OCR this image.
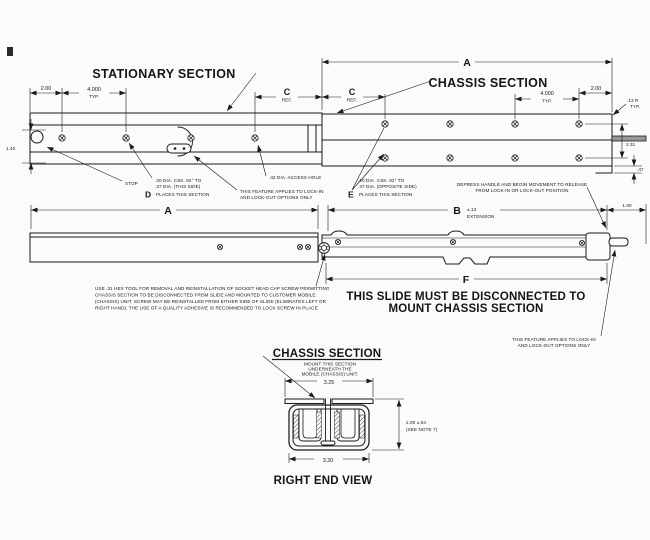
STATIONARY SECTION
CHASSIS SECTION
A
2.00	4.000
TYP.	C
REF.
C
REF.
4.000
TYP.
2.00
.13 R
TYP.
1.40
2.31
.47
STOP
.20 DIA. CSK. 82° TO
.37 DIA. (THIS SIDE)
D PLACES THIS SECTION
.42 DIA. ACCESS HOLE
THIS FEATURE APPLIES TO LOCK-IN
AND LOCK-OUT OPTIONS ONLY
.20 DIA. CSK. 82° TO
.37 DIA. (OPPOSITE SIDE)
E PLACES THIS SECTION
DEPRESS HANDLE AND BEGIN MOVEMENT TO RELEASE
FROM LOCK-IN OR LOCK-OUT POSITION
A	B ±.13
EXTENSION
1.00
F
USE .31 HEX TOOL FOR REMOVAL AND REINSTALLATION OF SOCKET HEAD CAP SCREW PERMITTING
CHASSIS SECTION TO BE DISCONNECTED FROM SLIDE AND MOUNTED TO CUSTOMER MOBILE
(CHASSIS) UNIT. SCREW MAY BE REINSTALLED FROM EITHER SIDE OF SLIDE (ELIMINATES LEFT OR
RIGHT HAND). THE USE OF A QUALITY ADHESIVE IS RECOMMENDED TO LOCK SCREW IN PLACE.
THIS SLIDE MUST BE DISCONNECTED TO
MOUNT CHASSIS SECTION
THIS FEATURE APPLIES TO LOCK-IN
AND LOCK-OUT OPTIONS ONLY
CHASSIS SECTION
MOUNT THIS SECTION
UNDERNEATH THE
MOBILE (CHASSIS) UNIT.
3.25
3.20
2.00 ±.04
(SEE NOTE 7)
RIGHT END VIEW
